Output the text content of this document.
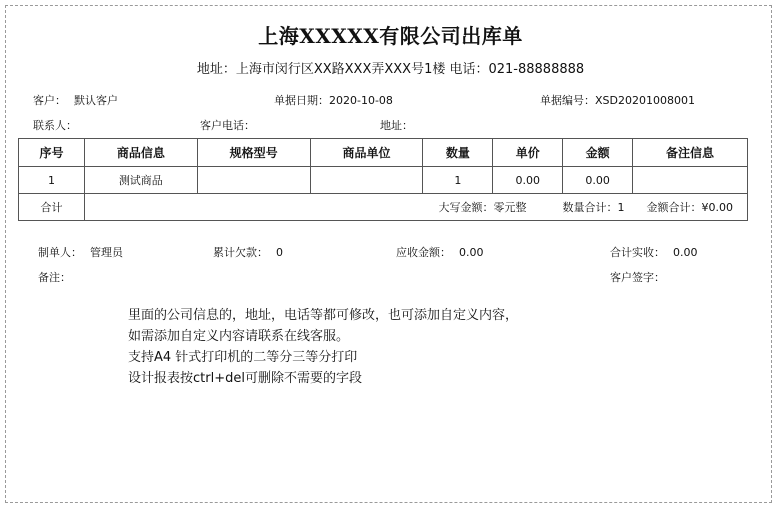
上海XXXXX有限公司出库单
地址：上海市闵行区XX路XXX弄XXX号1楼 电话：021-88888888
客户： 默认客户	单据日期：2020-10-08	单据编号：XSD20201008001
联系人：	客户电话：	地址：
序号	商品信息	规格型号	商品单位	数量	单价	金额	备注信息
1	测试商品			1	0.00	0.00	
合计	大写金额：零元整 数量合计：1 金额合计：¥0.00						
制单人： 管理员	累计欠款： 0	应收金额： 0.00	合计实收： 0.00
备注：	客户签字：
里面的公司信息的，地址，电话等都可修改，也可添加自定义内容，
如需添加自定义内容请联系在线客服。
支持A4 针式打印机的二等分三等分打印
设计报表按ctrl+del可删除不需要的字段
